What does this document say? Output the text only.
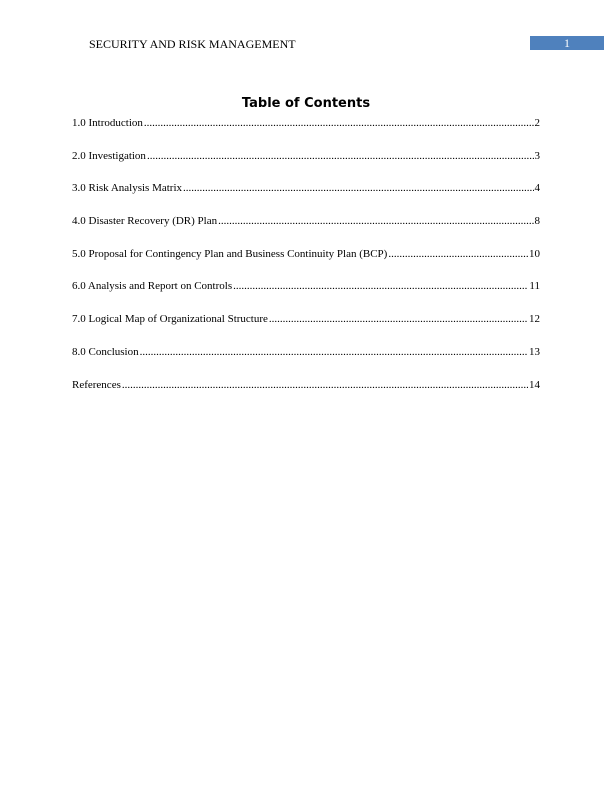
SECURITY AND RISK MANAGEMENT	1
Table of Contents
1.0 Introduction .....	2
2.0 Investigation .....	3
3.0 Risk Analysis Matrix .....	4
4.0 Disaster Recovery (DR) Plan .....	8
5.0 Proposal for Contingency Plan and Business Continuity Plan (BCP) .....	10
6.0 Analysis and Report on Controls .....	11
7.0 Logical Map of Organizational Structure .....	12
8.0 Conclusion .....	13
References .....	14
